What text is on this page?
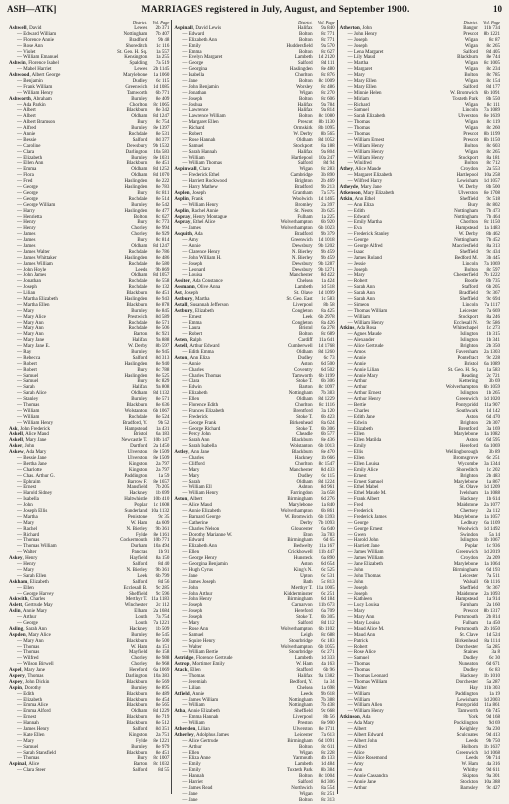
ASH—ATK]	MARRIAGES registered in July, August, and September 1900.	10
District.	Vol. Page
Ashwell, David	Lewes	2b 371
— Edward William	Nottingham	7b 407
— Florence Annie	Bradford	9b 48
— Rose Ann	Shoreditch	1c 116
— Violet	St. Geo. H. Sq.	1a 557
— William Emanuel	Kensington	1a 255
Ashwin, Florence Isabel	Spalding	7a 519
— Mabel Harriet	Lewes	2b 1145
Ashwood, Albert George	Marylebone	1a 1060
— Benjamin	Dudley	6c 115
— Frank William	Greenwich	1d 1085
— William Henry	Tamworth	6b 771
Ashworth, Abraham	Burnley	8e 409
— Ada Parkin	Chorlton	8c 1065
— Albert	Blackburn	8e 342
— Albert	Oldham	8d 1247
— Albert Bramson	Bury	8c 754
— Alfred	Burnley	8e 1397
— Annie	Rochdale	8e 531
— Bessie	Salford	8d 377
— Caroline	Dewsbury	9b 1532
— Clara	Darlington	10a 583
— Elizabeth	Burnley	8e 1031
— Ellen Ann	Blackburn	8e 451
— Emma	Oldham	8d 1252
— Flora	Oldham	8d 1070
— Fred	Haslingden	8e 222
— George	Haslingden	8e 783
— George	Bury	8c 811
— George	Rochdale	8e 514
— George William	Burnley	8e 542
— Harry	Haslingden	8e 477
— Henrietta	Bolton	8c 627
— Henry	Bury	8c 773
— Henry	Chorley	8e 994
— James	Chorley	8e 929
— James	Bury	8c 814
— James	Oldham	8d 1247
— James Walter	Rochdale	8e 786
— James Whittaker	Haslingden	8e 486
— James William	Rochdale	8e 580
— John Hoyle	Leeds	9b 869
— John James	Oldham	8d 1057
— Jonathan	Rochdale	8e 558
— Joseph	Rochdale	8e 132
— Lilian	Blackburn	8e 451
— Martha Elizabeth	Haslingden	8e 943
— Martha Ellen	Blackburn	8e 878
— Mary	Burnley	8e 845
— Mary Alice	Prestwich	8d 589
— Mary Ann	Rochdale	8e 571
— Mary Ann	Rochdale	8e 506
— Mary Ann	Barton	8c 921
— Mary Jane	Halifax	9a 888
— Mary Jane E.	W. Derby	8b 597
— Ray	Burnley	8e 945
— Rebecca	Salford	8d 313
— Robert	Haslingden	8e 940
— Robert	Bury	8c 788
— Samuel	Haslingden	8e 525
— Samuel	Bury	8c 829
— Sarah	Halifax	9a 808
— Sarah Alice	Oldham	8d 1132
— Stanley	Burnley	8e 571
— Thomas	Blackburn	8e 636
— William	Wolstanton	6b 1067
— William	Rochdale	8e 524
— William Henry	Bradford, Y.	9b 52
Ask, John Frederick	Hampstead	1a 431
Askell, Alice Maud	Bristol	6a 183
Askell, Mary Jane	Newcastle T.	10b 147
Asker, John	Dartford	2a 1450
Askew, Ada Mary	Ulverston	8e 1509
— Bessie Jane	Ulverston	8e 1509
— Bertha Jane	Kingston	2a 797
— Charlotte	Kingston	2a 797
— Chas. Arthur G.	Paddington	1a 59
— Ephraim	Barrow F.	8e 1657
— Ernest	Mansfield	7b 205
— Harold Sidney	Hackney	1b 699
— Isabella	Haltwhistle	10b 410
— John	Poplar	1c 1608
— Joseph Ellis	Sunderland 10a 1132
— Martha	Penistone	9c 35
— Mary	W. Ham	4a 609
— Rachel	N. Bierley	9b 361
— Richard	Fylde	8e 1161
— Thomas	Cockermouth	10b 771
— Thomas William	Durham	10a 494
— Walter	Pancras	1b 91
Askey, Henry	Hayfield	8a 150
— Henry	Salford	8d 40
— Mary	N. Bierley	9b 361
— Sarah Ellen	Leek	6b 799
Askham, Elizabeth	Salford	8d 56
— Ellen	Ecclesall B.	9c 285
— George Harvey	Sheffield	9c 596
Askwith, Charles	Merthyr T. 11a 1183
Aslett, Gertrude May	Winchester	2c 112
Aslin, Annie Mary	Elham	2a 1684
— Arthur	Louth	7a 754
— George	Louth	7a 1221
Asling, Sarah Ann	Hackney	1b 509
Aspden, Mary Alice	Burnley	8e 545
— Mary Ann	Blackburn	8e 500
— Thomas	W. Ham	4a 151
— Thomas	Mayfield	8e 158
— Wilfred	Chorley	8e 988
— Wilson Birwell	Chorley	8e 968
Aspel, Mary Jane	Hereford	6a 1069
Aspery, Thomas	Darlington	10a 383
Aspey, John Dickin	Blackburn	8e 569
Aspin, Dorothy	Burnley	8e 895
— Edith	Blackburn	8e 489
— Elizabeth	Blackburn	8e 454
— Emma Alice	Blackburn	8e 565
— Emma Alford	Oldham	8d 1229
— Ernest	Blackburn	8e 719
— Hannah	Blackburn	8e 512
— James Henry	Salford	8d 351
— Kate Ellen	Kingston	2a 751
— Mary	Fylde	8e 1221
— Samuel	Burnley	8e 979
— Sarah Stansfield	Blackburn	8e 451
— Thomas	Bury	8c 1007
Aspinal, Alice	Barton	8c 1032
— Clara Steer	Salford	8d 55
District.	Vol. Page
Aspinall, David Lewis	Halifax	9a 840
— Edward	Bolton	8c 771
— Elizabeth Ann	Bolton	8c 771
— Emily	Huddersfield	9a 570
— Emma	Bolton	8c 627
— Evelyn Margaret	Lambeth	1d 2120
— George	Salford	8d 111
— Georgina	Haslingden	8e 480
— Isabella	Chorlton	8c 876
— Jane	Bolton	8c 1009
— John Benjamin	Worsley	8c 486
— Jonathan	Wigan	8c 270
— Joseph	Bolton	8c 606
— Joshua	Halifax	9a 784
— Lawrence	Halifax	9a 814
— Lawrence William	Bolton	8c 1080
— Margaret Ellen	Prescot	8b 1130
— Richard	Ormskirk	8b 1095
— Robert	W. Derby	8b 565
— Rose Hannah	Oldham	8d 1052
— Samuel	Stockport	8a 188
— Sarah Hannah	Halifax	9a 804
— William	Hartlepool	10a 247
— William Thomas	Salford	8d 94
Aspinwall, Clara	Wigan	8c 283
— Frederick Ethel	Cambridge	3b 890
— Harriett Rockwood	Brighton	2b 469
— Harry Mathew	Bradford	9b 213
Asplen, Joseph	Grantham	7a 575
Asplin, Frank	Woolwich	1d 1465
— William Henry	Bromley	2a 397
Asplin, Rachel Annie	St. Neots	3b 625
Aspray, Henry Montague	Fulham	1a 225
Aspray, Ethel Alice	Wolverhampton	6b 920
— James	Wolverhampton	6b 1023
Asquith, Ada	Bradford	9b 379
— Amy	Greenwich	1d 1018
— Annie	Dewsbury	9b 1202
— Clarence Henry	N. Bierley	9b 459
— John William H.	N. Bierley	9b 459
— Joseph	Dewsbury	9b 1287
— Leonard	Dewsbury	9b 1271
— Louisa	Manchester	8d 422
Assiter, Ada Constance	Chelsea	1a 424
Assmann, Olive Anna	Lambeth	1d 518
Ast, Joseph	St. Olave	1d 1099
Astbury, Martha	St. Geo. East	1c 583
Astall, Susannah Jefferson	Liverpool	8b 58
Astbury, Elizabeth	Congleton	8a 425
— Ernest	Leek	6b 2978
— Emma	Congleton	8a 426
— Laura	Bristol	6a 278
— Robert	Bolton	8c 689
Asten, Ralph	Cardiff	11a 641
Astell, Arthur Edward	Cumberwell	1d 1768
— Edith Emma	Oldham	8d 1260
Aston, Ann Eliza	Dudley	6c 73
— Annie	Aston	6d 500
— Charles	Coventry	6d 502
— Charles Thomas	Tamworth	6b 1199
— Clara	Stoke T.	6b 306
— Edwin	Barton	8c 1097
— Elizabeth	Nottingham	7b 383
— Ellen	Oldham	8d 1229
— Florence Edith	Chorlton	8c 1116
— Frances Elizabeth	Brentford	3a 120
— Frederick	Stoke T.	6b 423
— George Frank	Birkenhead	8a 624
— George Richard	Stoke T.	6b 306
— Percy John	Cheadle	6b 577
— Sarah Ann	Blackburn	8e 436
— Sarah Isabella	Wolstanton	6b 1013
Astley, Ann Jane	Blackburn	8e 470
— Charles	Hackney	1b 666
— Clifford	Chorlton	8c 1547
— Mary	Manchester	8d 433
— Mary	Dudley	6c 115
— Sarah	Oldham	8d 1224
— William Ell	Ashton	8d 961
— William Henry	Farringdon	3a 658
Aston, Albert	Birmingham	6d 276
— Alice Maud	Marylebone	1a 840
— Annie Elizabeth	Wolverhampton	6b 861
— Barnard George	W. Bromwich	6b 1393
— Catherine	Derby	7b 1093
— Charles Nelson	Gloucester	6a 640
— Dorothy Marianne W.	Eton	3a 783
— Edward	Birmingham	6d 65
— Elizabeth Ann	Bedwelty	11a 167
— Ellen	Crickhowell	11b 447
— George Henry	Hunsteck	6a 890
— Georgina Benjamin	Aston	6d 654
— Hugh Cyrus	King's N.	6c 525
— Jane	Upton	6c 531
— James Joseph	Bath	5c 813
— John	Merthyr T. 11a 1005
— John Arthur	Kidderminster	6c 251
— John Henry	Birmingham	6d 184
— Joseph	Carnarvon	11b 673
— Joseph	Hereford	6a 709
— Joseph	Stoke T.	6b 305
— Mary	Salford	8d 112
— Rose Ann	Wolverhampton	6b 1102
— Samuel	Leigh	8c 688
— Squire Henry	Stourbridge	6c 183
— Walter	Wolverhampton	6b 1055
— William Bertie	Stourbridge	6c 271
Astridge, Florence Gertrude	Lambeth	1d 333
Astrop, Mortimer Emily	W. Ham	4a 163
Atack, Ellen	Stafford	6b 96
— Thomas	Halifax	9a 1382
— Jeremiah	Bedford, Y.	1a 34
— Lilian	Chelsea	1a 698
Atfield, Annie	Leeds	9b 618
— James William	Nottingham	7b 388
— William	Nottingham	7b 438
Atha, Annie Elizabeth	Sheffield	9c 668
— Emma Hannah	Liverpool	8b 56
— William	Preston	8e 900
Atherden, Lilian	Ulverston	8e 1711
Atherley, Adolphus James	Leicester	7a 613
— Alice Gertrude	Birmingham	6d 1091
— Arthur	Bolton	8c 611
— Ellen	Wigan	8c 228
— Eliza Anne	Yarmouth	4b 133
— Emily	Lambeth	1d 484
— Emily	Toxteth Park	8b 384
— Hannah	Bolton	8c 1004
— Harriet	Salford	8d 306
— James Read	Northwich	8a 554
— Jane	Wigan	8c 251
— Jane	Bolton	8c 313
District.	Vol. Page
Atherton, John	Bangor	11b 734
— John Henry	Prescot	8b 1221
— Joseph	Wigan	8c 87
— Joseph	Wigan	8c 265
— Lena Margaret	Salford	8d 405
— Lily Maud	Blackburn	8e 744
— Martha	Wigan	8c 1005
— Margaret	Wigan	8c 234
— Mary	Bolton	8c 785
— Mary Ellen	Wigan	8c 154
— Mary Ellen	Salford	8d 177
— Minnie Helen	W. Bromwich	6b 1091
— Miriam	Toxteth Park	8b 550
— Richard	Wigan	8c 111
— Samuel	Lincoln	7a 1089
— Sarah Elizabeth	Ulverston	8e 1639
— Thomas	Wigan	8c 119
— Thomas	Wigan	8c 260
— Thomas	Prescot	8b 1199
— William Ernest	Prescot	8b 1150
— William Henry	Bolton	8c 603
— William Henry	Wigan	8c 265
— William Henry	Stockport	8a 181
— Winifred	Bolton	8c 712
Athey, Alice Maude	Croydon	2a 553
— Margaret Elizabeth	Hartlepool	10a 258
— Wilfred Harry	Lewisham	1d 1057
Atheyde, Mary Jane	W. Derby	8b 500
Atkenson, Mary Elizabeth	Ulverston	8e 1708
Atkin, Ann Ethel	Sheffield	9c 518
— Ann Eliza	Bury	8c 802
— Edith	Nottingham	7b 473
— Edward	Nottingham	7b 464
— Emily Martha	Chorlton	8c 1150
— Eva	Hampstead	1a 1483
— Frederick Stanley	W. Derby	8b 462
— George	Nottingham	7b 452
— George Alfred	Macclesfield	8a 313
— Isaac	Sheffield	9c 434
— James Roland	Bedford M.	3b 445
— Jessie	Lincoln	7a 1069
— Joseph	Bolton	8c 597
— Mary	Chesterfield	7b 1222
— Robert	Bootle	8b 735
— Sarah Ann	Stafford	6b 205
— Sarah Ann	Bradfield	9c 367
— Sarah Ann	Sheffield	9c 694
— Simeon	Lincoln	7a 1117
— Thomas William	Leicester	7a 669
— William	Stockport	8a 246
— William Henry	Ecclesall N.	9c 586
Atkins, Ada Rosa	Whitechapel	1c 273
— Agnes Maude	Islington	1b 315
— Alexander	Islington	1b 341
— Alice Gertrude	Brighton	2b 350
— Amos	Faversham	2a 1303
— Annie	Pontefract	9c 228
— Annie	Bristol	6a 1089
— Annie Lilian	St. Geo. H. Sq.	1a 583
— Annie Mary	Reading	2c 721
— Arthur	Kettering	3b 69
— Arthur	Wolverhampton	6b 1059
— Arthur Ernest	Islington	1b 265
— Arthur Henry	Greenwich	1d 1020
— Bertie	Pontypridd	11a 907
— Charles	Southwark	1d 142
— Edith Jane	Aston	6d 470
— Edwin	Brighton	2b 307
— Elizabeth	Brentford	3a 169
— Ellen	Marylebone	1a 1082
— Ellen Matilda	Aston	6d 595
— Emily	Hereford	6a 1069
— Ellis	Wellingborough	3b 89
— Ellen	Bromsgrove	6c 251
— Ellen Louisa	Wycombe	3a 1344
— Emily Alice	Shoreditch	1c 202
— Ernest	Brighton	2b 483
— Ernest Samuel	Marylebone	1a 867
— Ethel Mabel	St. Olave	1d 1209
— Ethel Maude M.	Ivelsham	1a 1088
— Frank Albert	Hackney	1b 614
— Fred	Maidstone	2a 1077
— Frederick	Chertsey	2a 112
— Frederick James	Marylebone	1a 1057
— George	Ledbury	6a 1109
— George Ernest	Woolwich	1d 1492
— Gwen	Swindon	5a 14
— Harold John	Islington	1b 1067
— Harriett Jane	Poplar	1c 936
— James William	Greenwich	1d 2019
— James William	Croydon	2a 209
— Jane Elizabeth	Marylebone	1a 1064
— John	Birmingham	6d 193
— John Thomas	Leicester	7a 511
— John	Walsall	6b 1116
— Joseph	Sheffield	9c 367
— Joseph	Maidstone	2a 1093
— Kathleen	Hampstead	1a 914
— Lucy Louisa	Farnham	2a 160
— Mary	Prescot	8b 1317
— Mary Ann	Portsmouth	2b 814
— Mary Louisa	Fulham	1a 450
— Maud Alice M.	Portsmouth	2b 1650
— Maud Ann	St. Clave	1d 524
— Patrick	Birkenhead	8a 1114
— Robert	Dorchester	5a 285
— Rose Alice	Staines	3a 8
— Samuel	Dudley	6c 30
— Thomas	Nuneaton	6d 671
— Thomas	Dudley	6c 83
— Thomas Leonard	Hackney	1b 1010
— Thomas William	Dorchester	5a 287
— Walter	Hay	11b 303
— William	Paddington	1a 19
— William	Lewisham	1d 2003
— William Allen	Pontypridd	11a 861
— William Henry	Tamworth	6b 745
Atkinson, Ada	York	9d 168
— Ada Mary	Pocklington	9d 69
— Albert	Keighley	9a 230
— Albert Edward	Sculcoates	9d 413
— Albert John	Leeds	9b 750
— Alfred	Holborn	1b 1637
— Alice	Greenwich	1d 1068
— Alice Rosemond	Leeds	9b 714
— Amy	W. Ham	4a 316
— Ann	Whitby	9d 611
— Annie Cassandra	Skipton	9a 301
— Annie Jane	Stockton	10a 388
— Arthur	Barnsley	9c 427
